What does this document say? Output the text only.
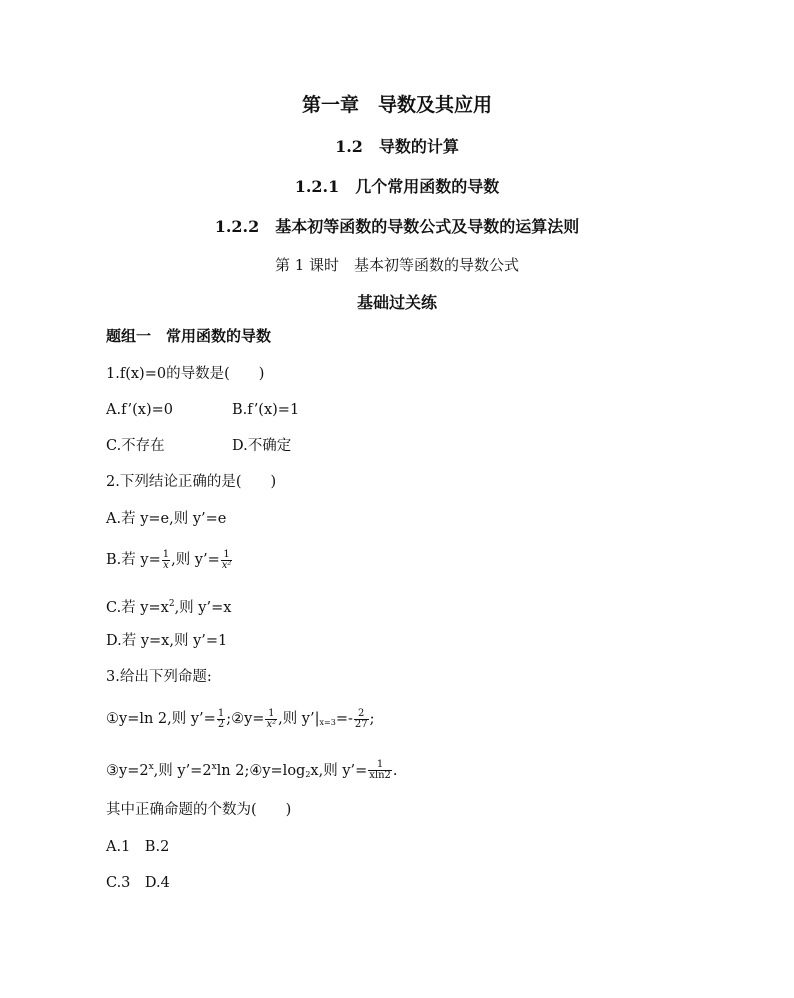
第一章　导数及其应用
1.2　导数的计算
1.2.1　几个常用函数的导数
1.2.2　基本初等函数的导数公式及导数的运算法则
第 1 课时　基本初等函数的导数公式
基础过关练
题组一　常用函数的导数
1.f(x)=0的导数是(　　)
A.f’(x)=0	B.f’(x)=1
C.不存在	D.不确定
2.下列结论正确的是(　　)
A.若 y=e,则 y’=e
B.若 $y= \frac{1}{x}$ ,则 y’= $\frac{1}{\text{x²}}$
C.若 $y=x^2$,则 y’=x
D.若 y=x,则 y’=1
3.给出下列命题:
①y=ln 2,则 y’= $\frac{1}{2}$ ;②y= $\frac{1}{\text{x²}}$ ,则 $y’|_{x=3}=- \frac{2}{27}$ ;
$③y=2^x$,则 $y’=2^x\ln$ $2;④y=\log_2x$,则 y’= $\frac{1}{xln2}$ .
其中正确命题的个数为(　　)
A.1　B.2
C.3　D.4
